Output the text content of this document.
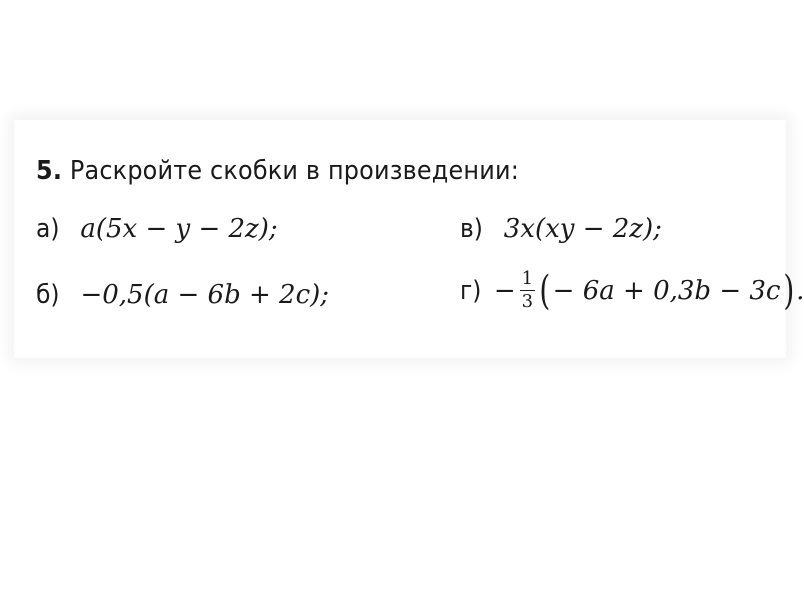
5. Раскройте скобки в произведении:
а) a(5x − y − 2z);	в) 3x(xy − 2z);
б) −0,5(a − 6b + 2c);	$г) - \frac{1}{3}$ ( − 6a + 0,3b − 3c ) .
